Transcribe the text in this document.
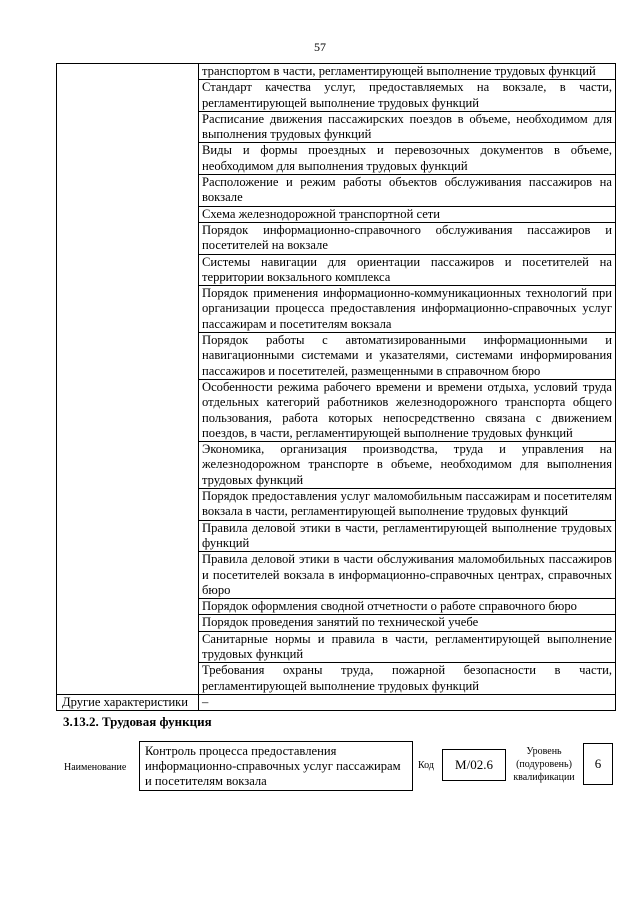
57
	транспортом в части, регламентирующей выполнение трудовых функций
	Стандарт качества услуг, предоставляемых на вокзале, в части, регламентирующей выполнение трудовых функций
	Расписание движения пассажирских поездов в объеме, необходимом для выполнения трудовых функций
	Виды и формы проездных и перевозочных документов в объеме, необходимом для выполнения трудовых функций
	Расположение и режим работы объектов обслуживания пассажиров на вокзале
	Схема железнодорожной транспортной сети
	Порядок информационно-справочного обслуживания пассажиров и посетителей на вокзале
	Системы навигации для ориентации пассажиров и посетителей на территории вокзального комплекса
	Порядок применения информационно-коммуникационных технологий при организации процесса предоставления информационно-справочных услуг пассажирам и посетителям вокзала
	Порядок работы с автоматизированными информационными и навигационными системами и указателями, системами информирования пассажиров и посетителей, размещенными в справочном бюро
	Особенности режима рабочего времени и времени отдыха, условий труда отдельных категорий работников железнодорожного транспорта общего пользования, работа которых непосредственно связана с движением поездов, в части, регламентирующей выполнение трудовых функций
	Экономика, организация производства, труда и управления на железнодорожном транспорте в объеме, необходимом для выполнения трудовых функций
	Порядок предоставления услуг маломобильным пассажирам и посетителям вокзала в части, регламентирующей выполнение трудовых функций
	Правила деловой этики в части, регламентирующей выполнение трудовых функций
	Правила деловой этики в части обслуживания маломобильных пассажиров и посетителей вокзала в информационно-справочных центрах, справочных бюро
	Порядок оформления сводной отчетности о работе справочного бюро
	Порядок проведения занятий по технической учебе
	Санитарные нормы и правила в части, регламентирующей выполнение трудовых функций
	Требования охраны труда, пожарной безопасности в части, регламентирующей выполнение трудовых функций
Другие характеристики	–
3.13.2. Трудовая функция
Наименование
Контроль процесса предоставления информационно-справочных услуг пассажирам и посетителям вокзала
Код	M/02.6
Уровень (подуровень) квалификации
6
